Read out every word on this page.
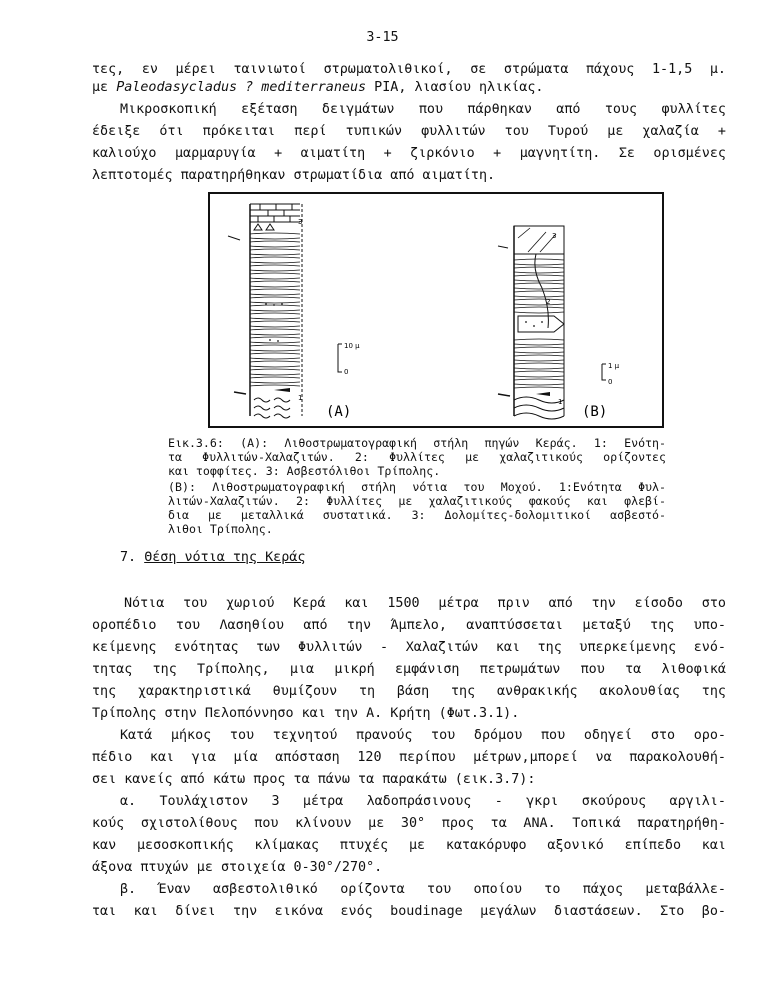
3-15
τες, εν μέρει ταινιωτοί στρωματολιθικοί, σε στρώματα πάχους 1-1,5 μ.
με Paleodasycladus ? mediterraneus PIA, λιασίου ηλικίας.
Μικροσκοπική εξέταση δειγμάτων που πάρθηκαν από τους φυλλίτες
έδειξε ότι πρόκειται περί τυπικών φυλλιτών του Τυρού με χαλαζία +
καλιούχο μαρμαρυγία + αιματίτη + ζιρκόνιο + μαγνητίτη. Σε ορισμένες
λεπτοτομές παρατηρήθηκαν στρωματίδια από αιματίτη.
3
1
10 μ
0
(A)
3
2
1
1 μ
0
(B)
Εικ.3.6: (A): Λιθοστρωματογραφική στήλη πηγών Κεράς. 1: Ενότη-
τα Φυλλιτών-Χαλαζιτών. 2: Φυλλίτες με χαλαζιτικούς ορίζοντες
και τοφφίτες. 3: Ασβεστόλιθοι Τρίπολης.
(B): Λιθοστρωματογραφική στήλη νότια του Μοχού. 1:Ενότητα Φυλ-
λιτών-Χαλαζιτών. 2: Φυλλίτες με χαλαζιτικούς φακούς και φλεβί-
δια με μεταλλικά συστατικά. 3: Δολομίτες-δολομιτικοί ασβεστό-
λιθοι Τρίπολης.
7. Θέση νότια της Κεράς
Νότια του χωριού Κερά και 1500 μέτρα πριν από την είσοδο στο
οροπέδιο του Λασηθίου από την Άμπελο, αναπτύσσεται μεταξύ της υπο-
κείμενης ενότητας των Φυλλιτών - Χαλαζιτών και της υπερκείμενης ενό-
τητας της Τρίπολης, μια μικρή εμφάνιση πετρωμάτων που τα λιθοφικά
της χαρακτηριστικά θυμίζουν τη βάση της ανθρακικής ακολουθίας της
Τρίπολης στην Πελοπόννησο και την Α. Κρήτη (Φωτ.3.1).
Κατά μήκος του τεχνητού πρανούς του δρόμου που οδηγεί στο ορο-
πέδιο και για μία απόσταση 120 περίπου μέτρων,μπορεί να παρακολουθή-
σει κανείς από κάτω προς τα πάνω τα παρακάτω (εικ.3.7):
α. Τουλάχιστον 3 μέτρα λαδοπράσινους - γκρι σκούρους αργιλι-
κούς σχιστολίθους που κλίνουν με 30° προς τα ΑΝΑ. Τοπικά παρατηρήθη-
καν μεσοσκοπικής κλίμακας πτυχές με κατακόρυφο αξονικό επίπεδο και
άξονα πτυχών με στοιχεία 0-30°/270°.
β. Έναν ασβεστολιθικό ορίζοντα του οποίου το πάχος μεταβάλλε-
ται και δίνει την εικόνα ενός boudinage μεγάλων διαστάσεων. Στο βο-
